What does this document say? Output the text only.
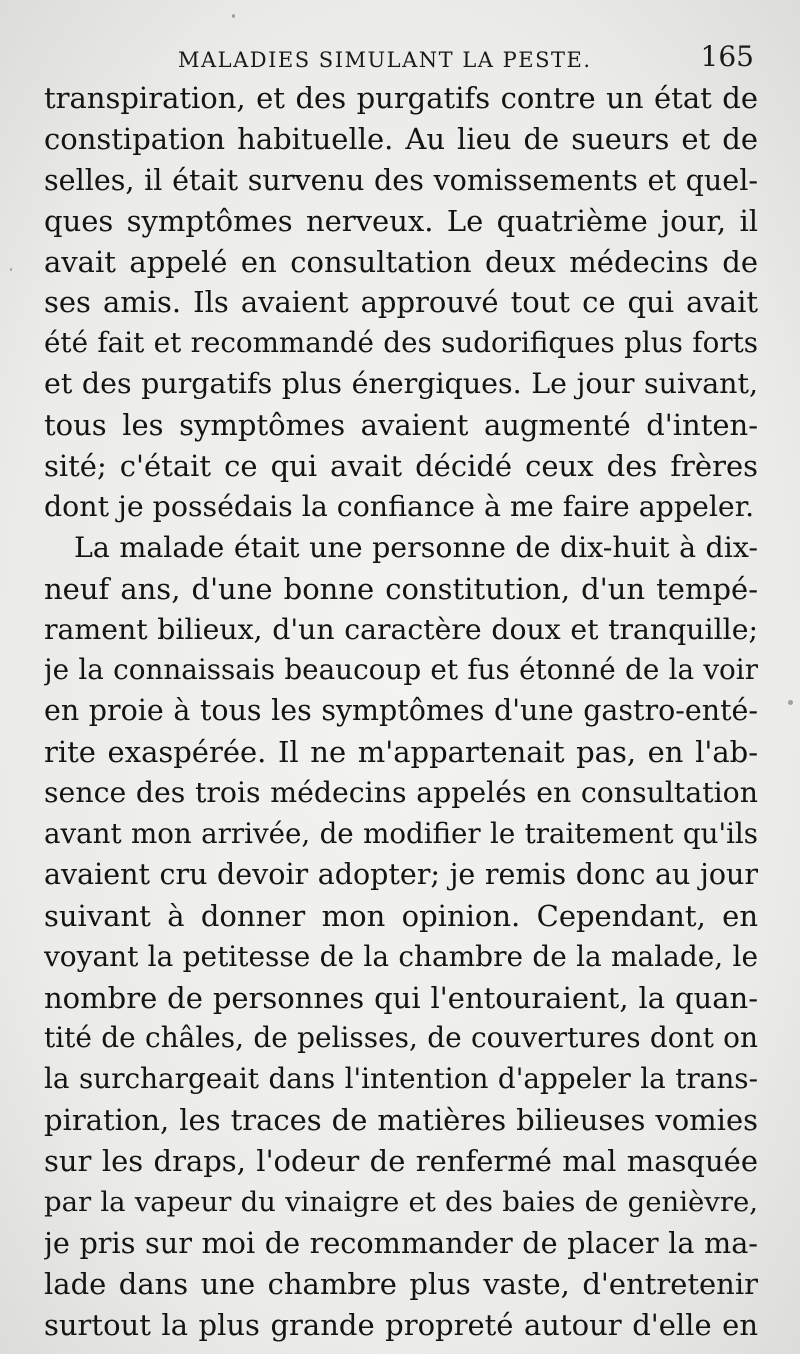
MALADIES SIMULANT LA PESTE.	165
transpiration, et des purgatifs contre un état de
constipation habituelle. Au lieu de sueurs et de
selles, il était survenu des vomissements et quel-
ques symptômes nerveux. Le quatrième jour, il
avait appelé en consultation deux médecins de
ses amis. Ils avaient approuvé tout ce qui avait
été fait et recommandé des sudorifiques plus forts
et des purgatifs plus énergiques. Le jour suivant,
tous les symptômes avaient augmenté d'inten-
sité; c'était ce qui avait décidé ceux des frères
dont je possédais la confiance à me faire appeler.
La malade était une personne de dix-huit à dix-
neuf ans, d'une bonne constitution, d'un tempé-
rament bilieux, d'un caractère doux et tranquille;
je la connaissais beaucoup et fus étonné de la voir
en proie à tous les symptômes d'une gastro-enté-
rite exaspérée. Il ne m'appartenait pas, en l'ab-
sence des trois médecins appelés en consultation
avant mon arrivée, de modifier le traitement qu'ils
avaient cru devoir adopter; je remis donc au jour
suivant à donner mon opinion. Cependant, en
voyant la petitesse de la chambre de la malade, le
nombre de personnes qui l'entouraient, la quan-
tité de châles, de pelisses, de couvertures dont on
la surchargeait dans l'intention d'appeler la trans-
piration, les traces de matières bilieuses vomies
sur les draps, l'odeur de renfermé mal masquée
par la vapeur du vinaigre et des baies de genièvre,
je pris sur moi de recommander de placer la ma-
lade dans une chambre plus vaste, d'entretenir
surtout la plus grande propreté autour d'elle en
